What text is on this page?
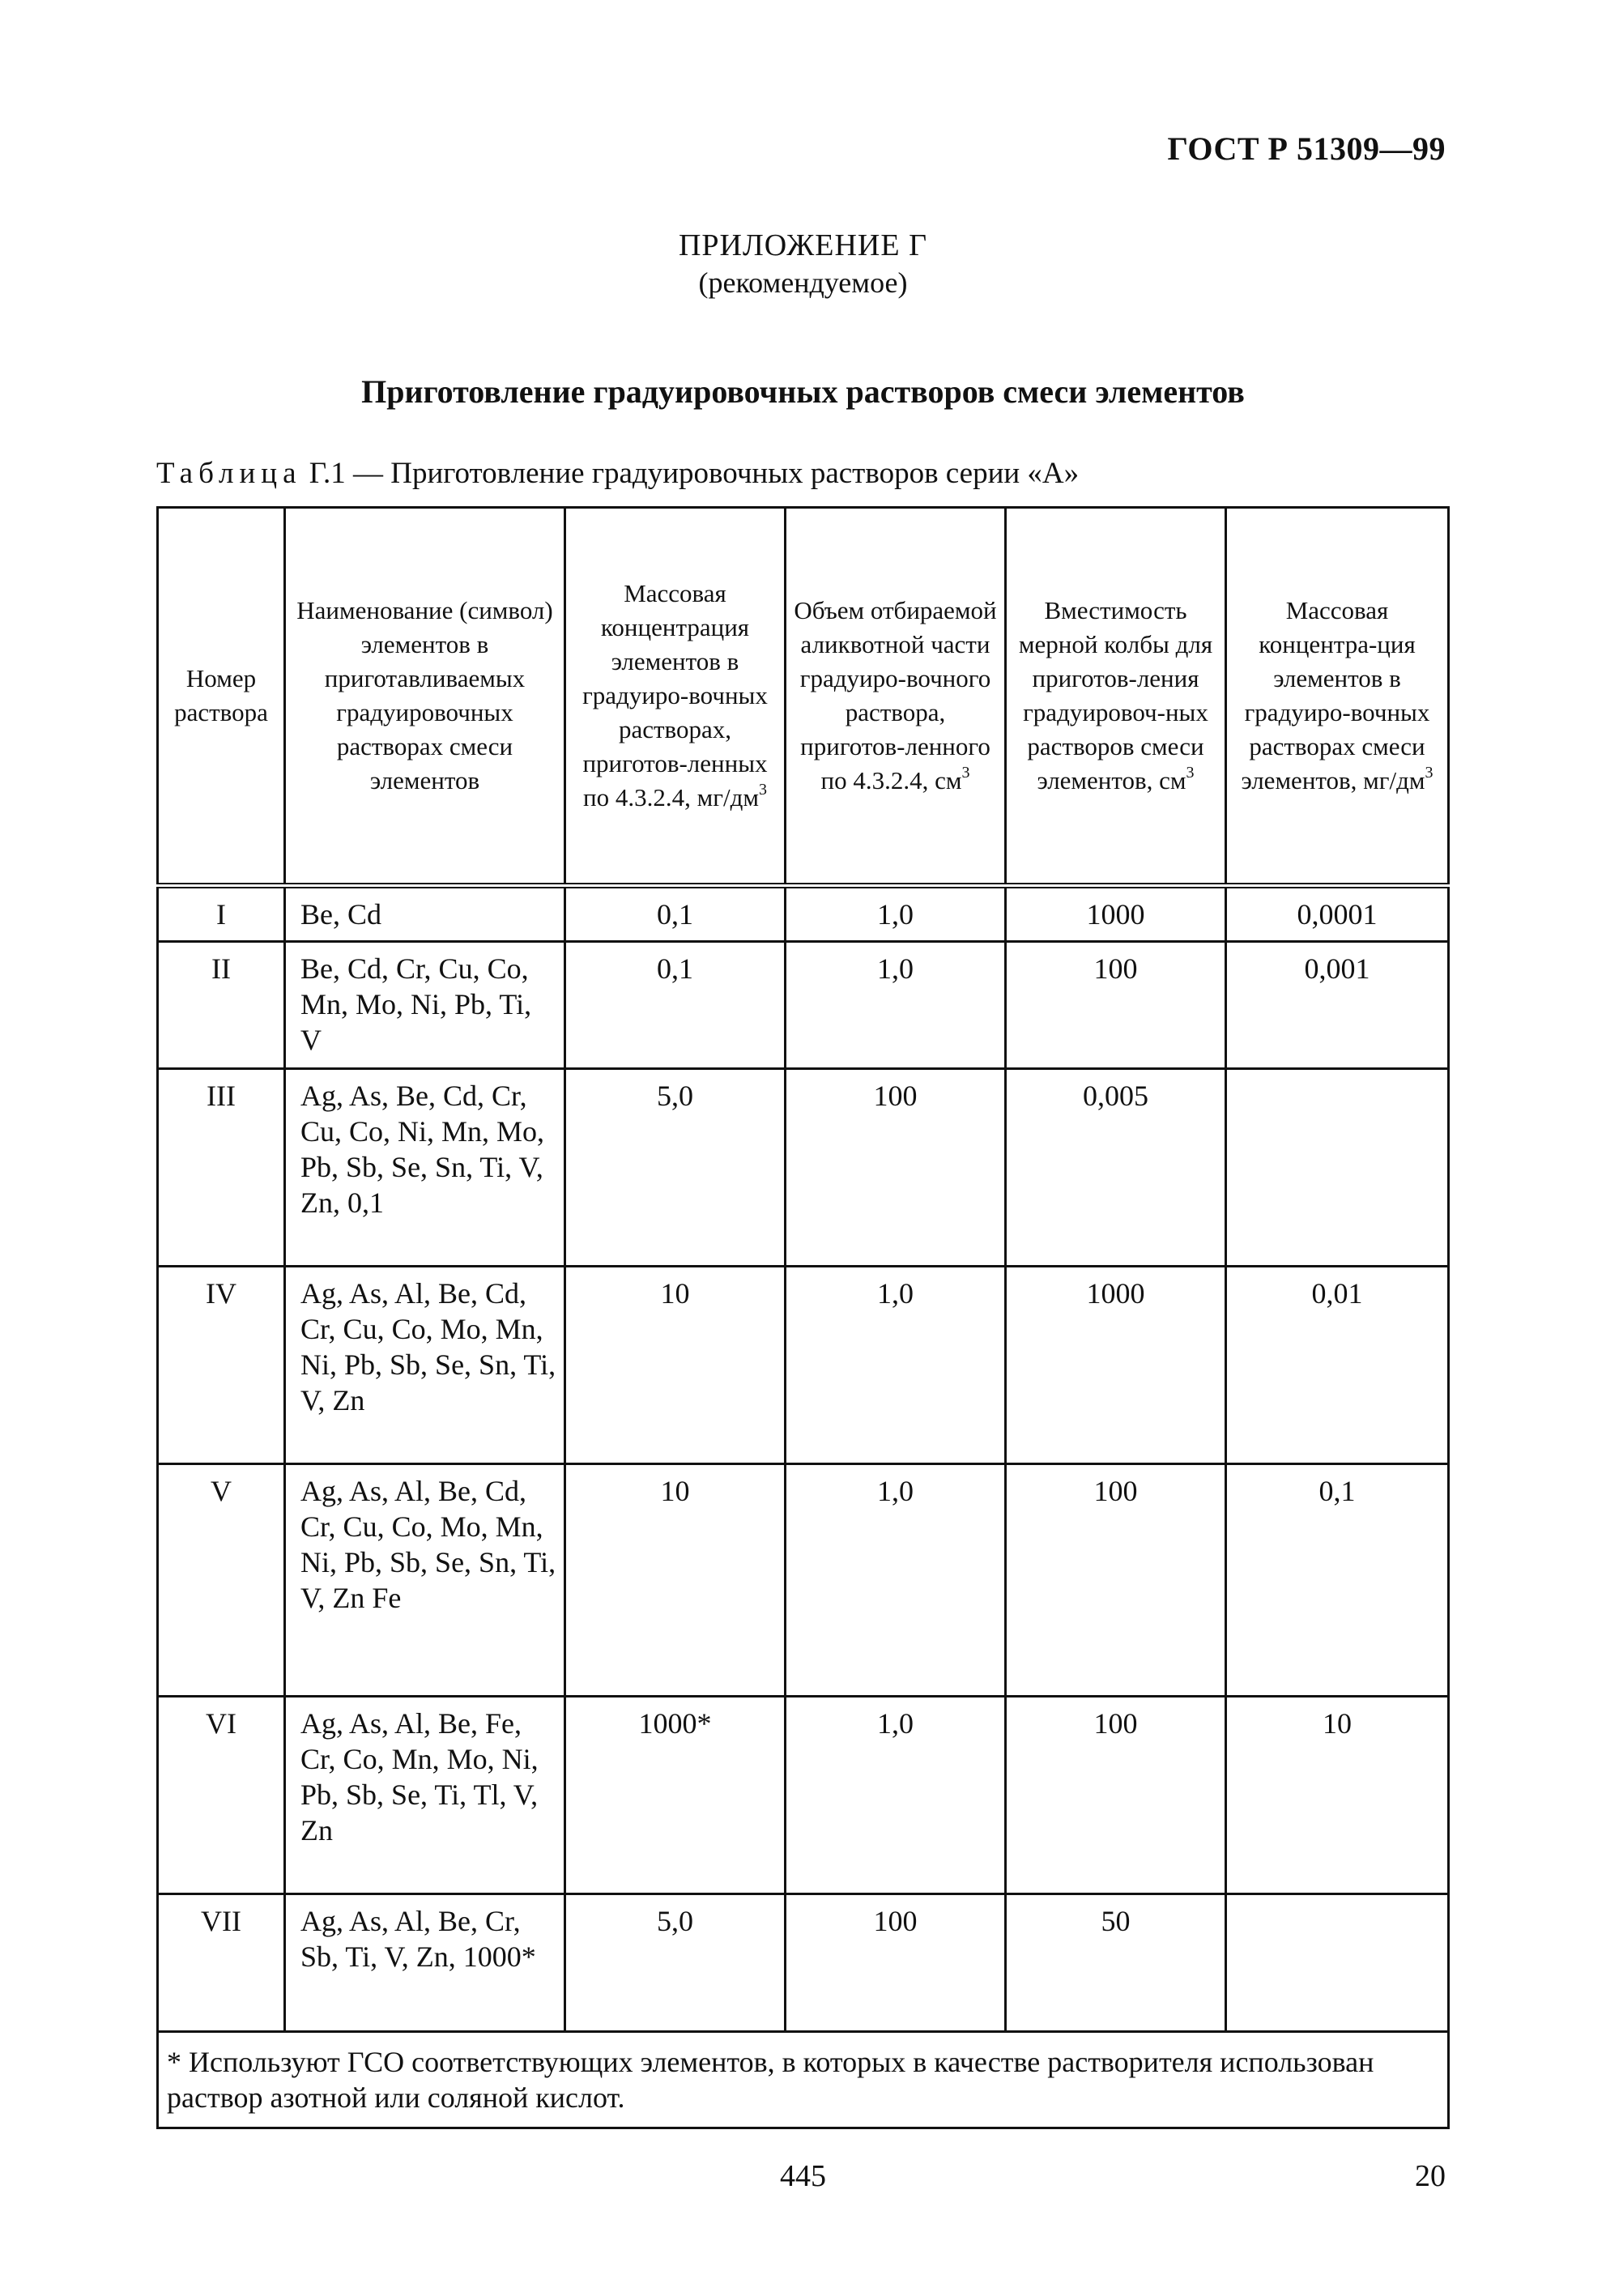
ГОСТ Р 51309—99
ПРИЛОЖЕНИЕ Г
(рекомендуемое)
Приготовление градуировочных растворов смеси элементов
Таблица Г.1 — Приготовление градуировочных растворов серии «А»
Номер раствора	Наименование (символ) элементов в приготавливаемых градуировочных растворах смеси элементов	Массовая концентрация элементов в градуиро-вочных растворах, приготов-ленных по 4.3.2.4, $мг/дм^3$	Объем отбираемой аликвотной части градуиро-вочного раствора, приготов-ленного по 4.3.2.4, $см^3$	Вместимость мерной колбы для приготов-ления градуировоч-ных растворов смеси элементов, $см^3$	Массовая концентра-ция элементов в градуиро-вочных растворах смеси элементов, $мг/дм^3$
I	Be, Cd	0,1	1,0	1000	0,0001
II	Be, Cd, Cr, Cu, Co, Mn, Mo, Ni, Pb, Ti, V	0,1	1,0	100	0,001
III	Ag, As, Be, Cd, Cr, Cu, Co, Ni, Mn, Mo, Pb, Sb, Se, Sn, Ti, V, Zn, 0,1	5,0	100	0,005	
IV	Ag, As, Al, Be, Cd, Cr, Cu, Co, Mo, Mn, Ni, Pb, Sb, Se, Sn, Ti, V, Zn	10	1,0	1000	0,01
V	Ag, As, Al, Be, Cd, Cr, Cu, Co, Mo, Mn, Ni, Pb, Sb, Se, Sn, Ti, V, Zn Fe	10	1,0	100	0,1
VI	Ag, As, Al, Be, Fe, Cr, Co, Mn, Mo, Ni, Pb, Sb, Se, Ti, Tl, V, Zn	1000*	1,0	100	10
VII	Ag, As, Al, Be, Cr, Sb, Ti, V, Zn, 1000*	5,0	100	50	
* Используют ГСО соответствующих элементов, в которых в качестве растворителя использован раствор азотной или соляной кислот.					
445	20
